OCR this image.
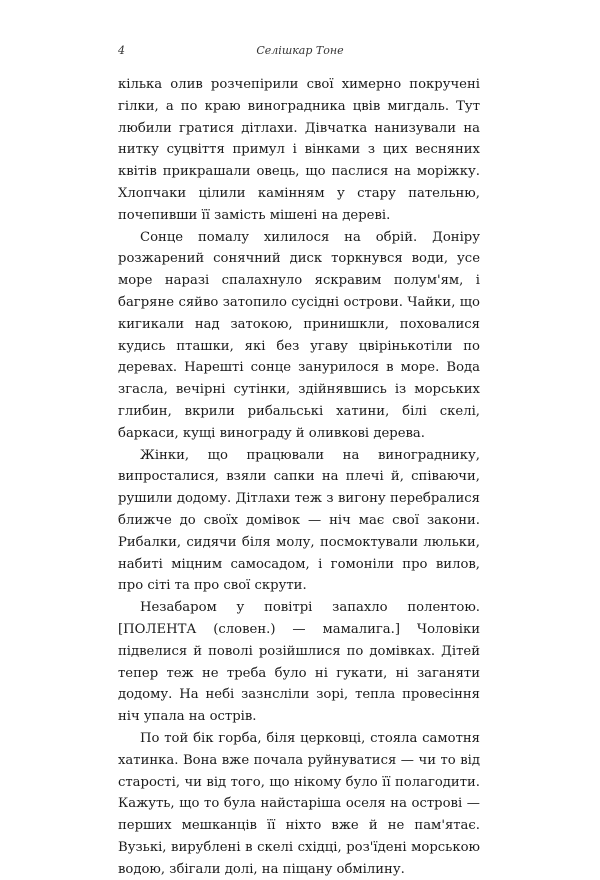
4	Селішкар Тоне

кілька олив розчепірили свої химерно покручені гілки, а по краю виноградника цвів мигдаль. Тут любили гратися дітлахи. Дівчатка нанизували на нитку суцвіття примул і вінками з цих весняних квітів прикрашали овець, що паслися на моріжку. Хлопчаки цілили камінням у стару пательню, почепивши її замість мішені на дереві.

Сонце помалу хилилося на обрій. Доніру розжарений сонячний диск торкнувся води, усе море наразі спалахнуло яскравим полум'ям, і багряне сяйво затопило сусідні острови. Чайки, що кигикали над затокою, принишкли, поховалися кудись пташки, які без угаву цвірінькотіли по деревах. Нарешті сонце занурилося в море. Вода згасла, вечірні сутінки, здійнявшись із морських глибин, вкрили рибальські хатини, білі скелі, баркаси, кущі винограду й оливкові дерева.

Жінки, що працювали на винограднику, випросталися, взяли сапки на плечі й, співаючи, рушили додому. Дітлахи теж з вигону перебралися ближче до своїх домівок — ніч має свої закони. Рибалки, сидячи біля молу, посмоктували люльки, набиті міцним самосадом, і гомоніли про вилов, про сіті та про свої скрути.

Незабаром у повітрі запахло полентою.[ПОЛЕНТА (словен.) — мамалига.] Чоловіки підвелися й поволі розійшлися по домівках. Дітей тепер теж не треба було ні гукати, ні заганяти додому. На небі зазнсліли зорі, тепла провесіння ніч упала на острів.

По той бік горба, біля церковці, стояла самотня хатинка. Вона вже почала руйнуватися — чи то від старості, чи від того, що нікому було її полагодити. Кажуть, що то була найстаріша оселя на острові — перших мешканців її ніхто вже й не пам'ятає. Вузькі, вирублені в скелі східці, роз'їдені морською водою, збігали долі, на піщану обмілину.
